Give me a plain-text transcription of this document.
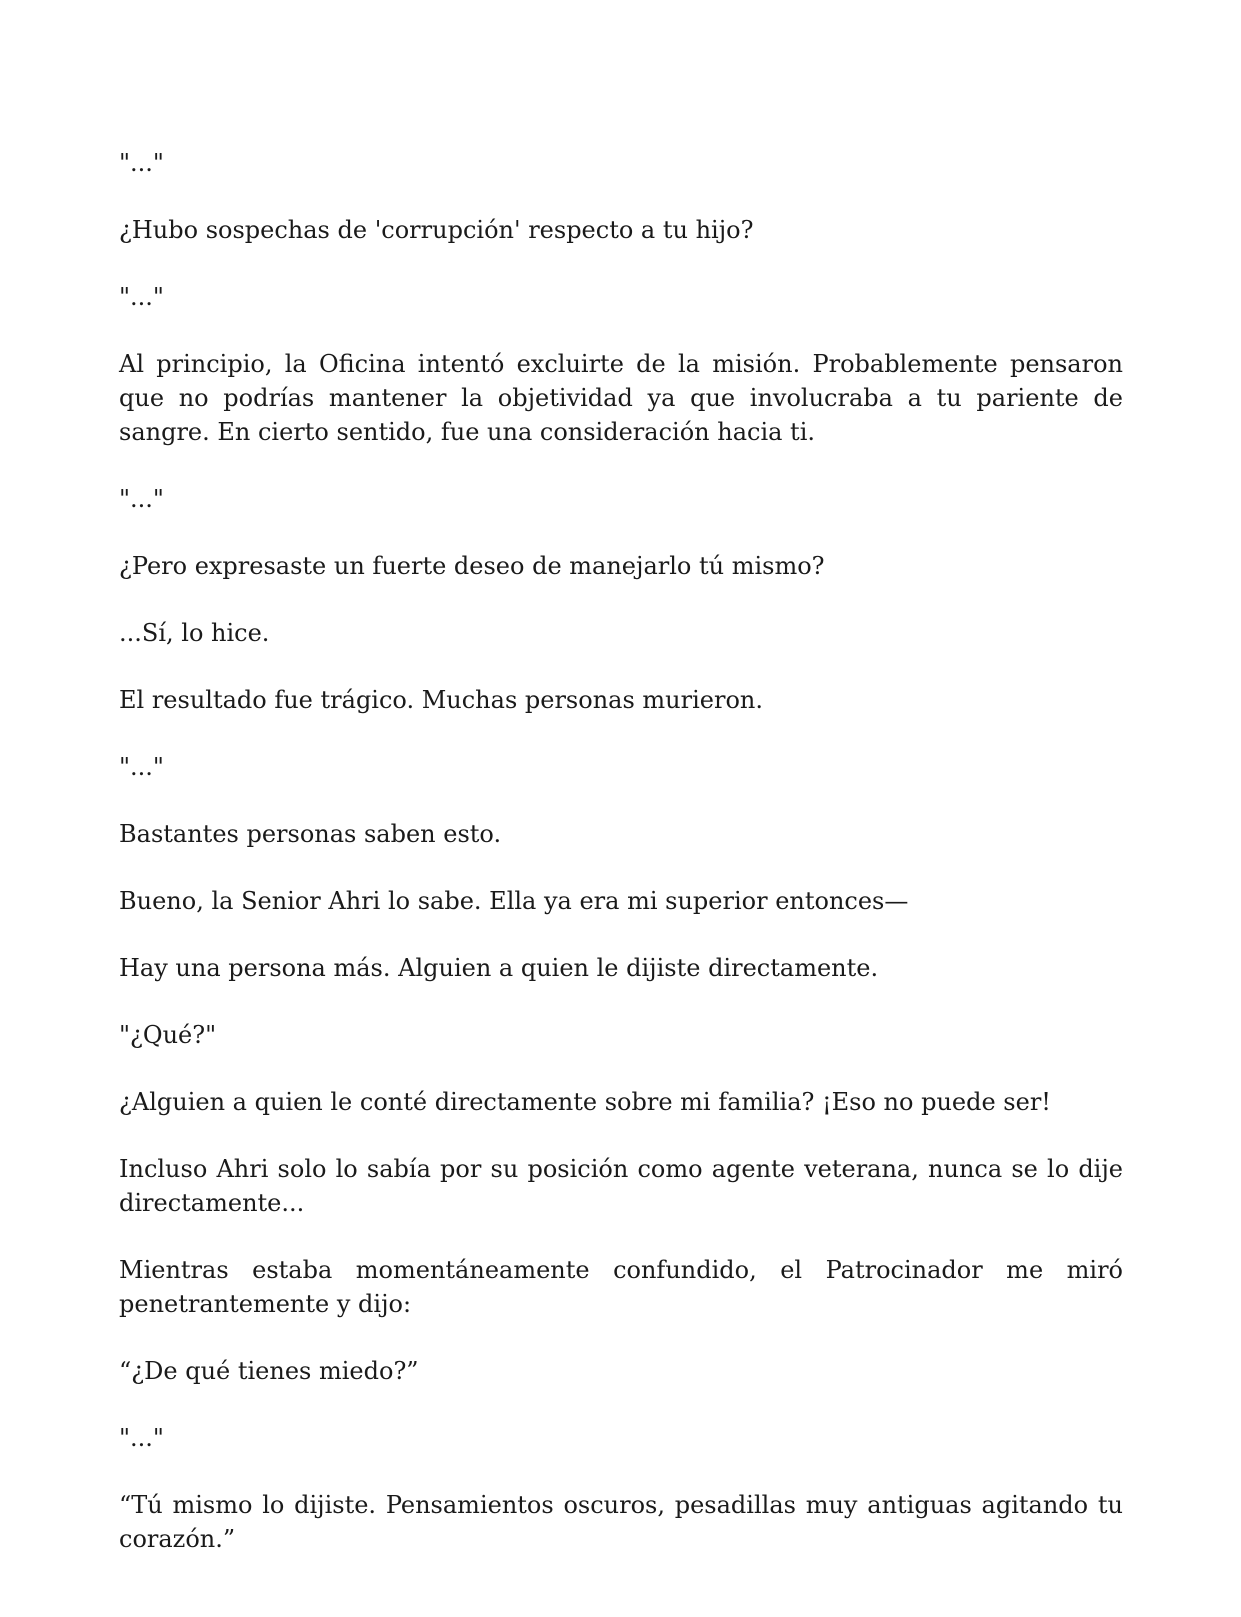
"..."

¿Hubo sospechas de 'corrupción' respecto a tu hijo?

"..."

Al principio, la Oficina intentó excluirte de la misión. Probablemente pensaron que no podrías mantener la objetividad ya que involucraba a tu pariente de sangre. En cierto sentido, fue una consideración hacia ti.

"..."

¿Pero expresaste un fuerte deseo de manejarlo tú mismo?

...Sí, lo hice.

El resultado fue trágico. Muchas personas murieron.

"..."

Bastantes personas saben esto.

Bueno, la Senior Ahri lo sabe. Ella ya era mi superior entonces—

Hay una persona más. Alguien a quien le dijiste directamente.

"¿Qué?"

¿Alguien a quien le conté directamente sobre mi familia? ¡Eso no puede ser!

Incluso Ahri solo lo sabía por su posición como agente veterana, nunca se lo dije directamente...

Mientras estaba momentáneamente confundido, el Patrocinador me miró penetrantemente y dijo:

“¿De qué tienes miedo?”

"..."

“Tú mismo lo dijiste. Pensamientos oscuros, pesadillas muy antiguas agitando tu corazón.”
